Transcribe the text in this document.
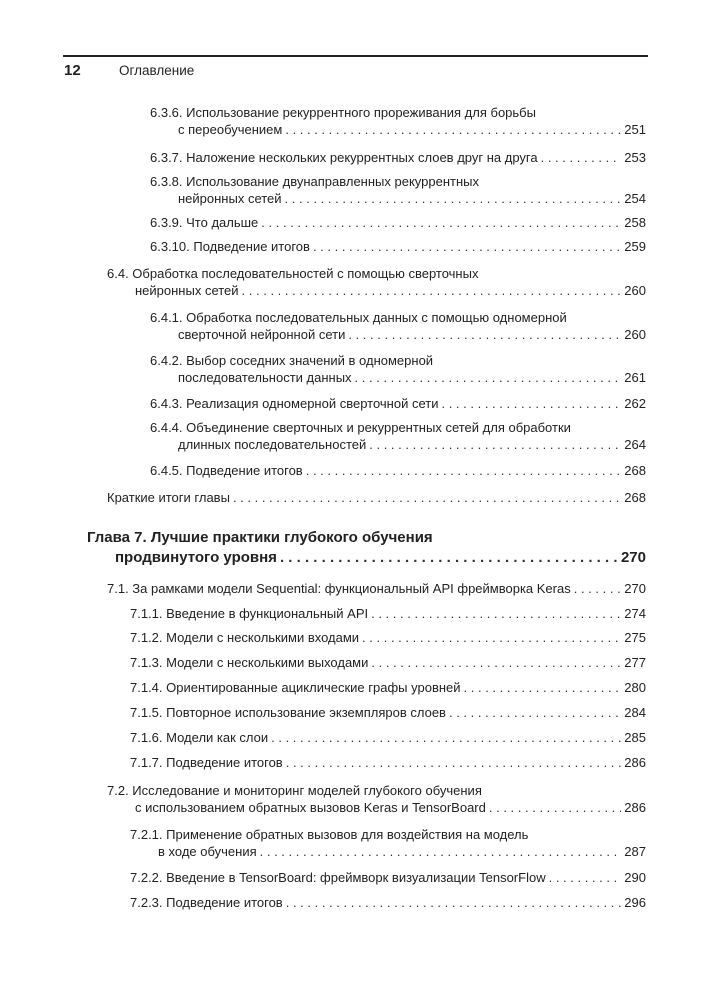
12	Оглавление
6.3.6. Использование рекуррентного прореживания для борьбы
с переобучением . . .	251
6.3.7. Наложение нескольких рекуррентных слоев друг на друга . . .	253
6.3.8. Использование двунаправленных рекуррентных
нейронных сетей . . .	254
6.3.9. Что дальше . . .	258
6.3.10. Подведение итогов . . .	259
6.4. Обработка последовательностей с помощью сверточных
нейронных сетей . . .	260
6.4.1. Обработка последовательных данных с помощью одномерной
сверточной нейронной сети . . .	260
6.4.2. Выбор соседних значений в одномерной
последовательности данных . . .	261
6.4.3. Реализация одномерной сверточной сети . . .	262
6.4.4. Объединение сверточных и рекуррентных сетей для обработки
длинных последовательностей . . .	264
6.4.5. Подведение итогов . . .	268
Краткие итоги главы . . .	268
Глава 7. Лучшие практики глубокого обучения
продвинутого уровня . . .	270
7.1. За рамками модели Sequential: функциональный API фреймворка Keras . . .	270
7.1.1. Введение в функциональный API . . .	274
7.1.2. Модели с несколькими входами . . .	275
7.1.3. Модели с несколькими выходами . . .	277
7.1.4. Ориентированные ациклические графы уровней . . .	280
7.1.5. Повторное использование экземпляров слоев . . .	284
7.1.6. Модели как слои . . .	285
7.1.7. Подведение итогов . . .	286
7.2. Исследование и мониторинг моделей глубокого обучения
с использованием обратных вызовов Keras и TensorBoard . . .	286
7.2.1. Применение обратных вызовов для воздействия на модель
в ходе обучения . . .	287
7.2.2. Введение в TensorBoard: фреймворк визуализации TensorFlow . . .	290
7.2.3. Подведение итогов . . .	296
